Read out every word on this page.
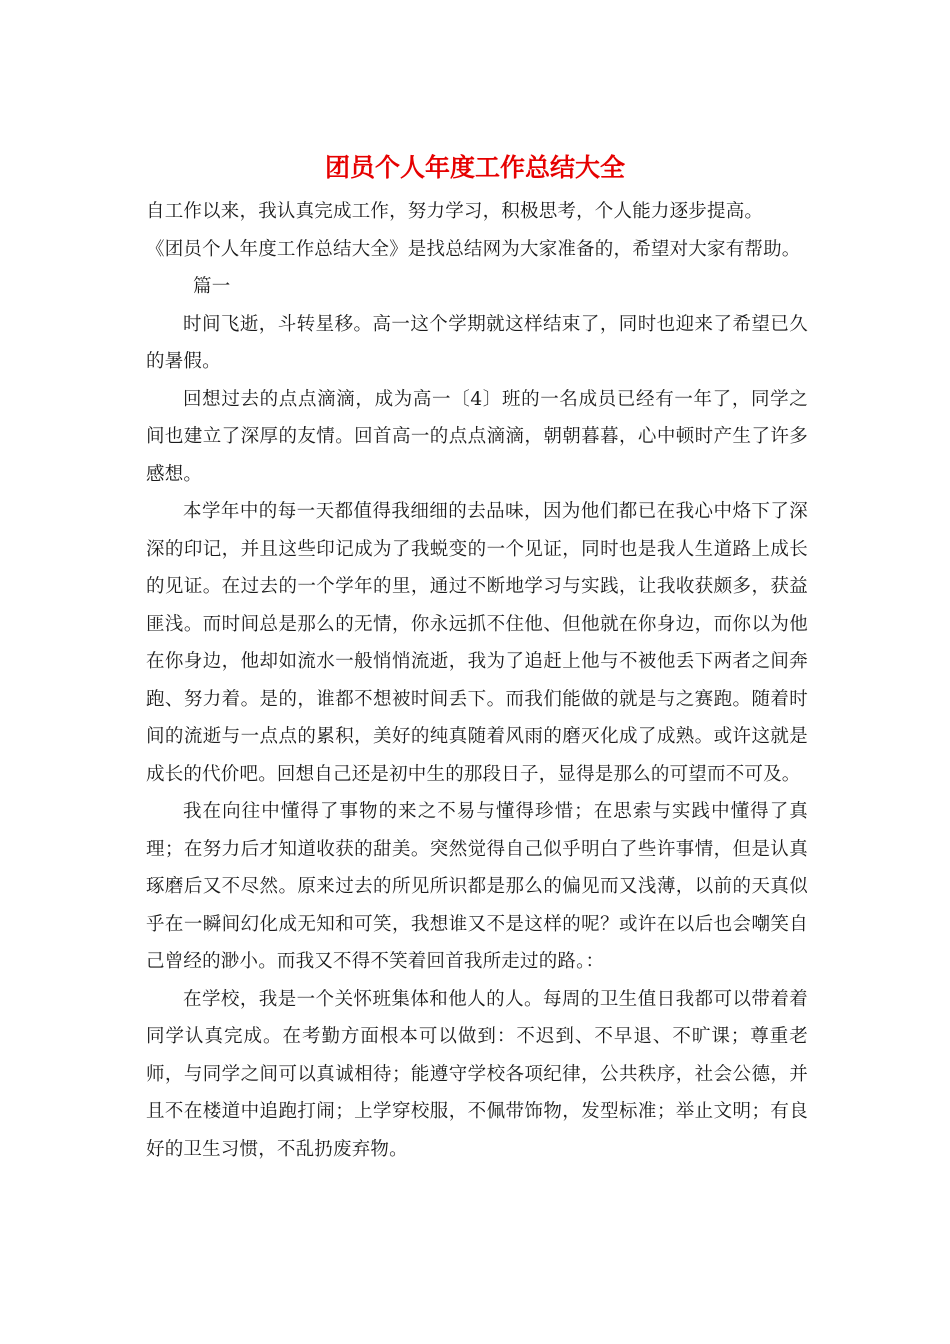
团员个人年度工作总结大全

自工作以来，我认真完成工作，努力学习，积极思考，个人能力逐步提高。

《团员个人年度工作总结大全》是找总结网为大家准备的，希望对大家有帮助。

篇一

时间飞逝，斗转星移。高一这个学期就这样结束了，同时也迎来了希望已久的暑假。

回想过去的点点滴滴，成为高一〔4〕班的一名成员已经有一年了，同学之间也建立了深厚的友情。回首高一的点点滴滴，朝朝暮暮，心中顿时产生了许多感想。

本学年中的每一天都值得我细细的去品味，因为他们都已在我心中烙下了深深的印记，并且这些印记成为了我蜕变的一个见证，同时也是我人生道路上成长的见证。在过去的一个学年的里，通过不断地学习与实践，让我收获颇多，获益匪浅。而时间总是那么的无情，你永远抓不住他、但他就在你身边，而你以为他在你身边，他却如流水一般悄悄流逝，我为了追赶上他与不被他丢下两者之间奔跑、努力着。是的，谁都不想被时间丢下。而我们能做的就是与之赛跑。随着时间的流逝与一点点的累积，美好的纯真随着风雨的磨灭化成了成熟。或许这就是成长的代价吧。回想自己还是初中生的那段日子，显得是那么的可望而不可及。

我在向往中懂得了事物的来之不易与懂得珍惜；在思索与实践中懂得了真理；在努力后才知道收获的甜美。突然觉得自己似乎明白了些许事情，但是认真琢磨后又不尽然。原来过去的所见所识都是那么的偏见而又浅薄，以前的天真似乎在一瞬间幻化成无知和可笑，我想谁又不是这样的呢？或许在以后也会嘲笑自己曾经的渺小。而我又不得不笑着回首我所走过的路。：

在学校，我是一个关怀班集体和他人的人。每周的卫生值日我都可以带着着同学认真完成。在考勤方面根本可以做到：不迟到、不早退、不旷课；尊重老师，与同学之间可以真诚相待；能遵守学校各项纪律，公共秩序，社会公德，并且不在楼道中追跑打闹；上学穿校服，不佩带饰物，发型标准；举止文明；有良好的卫生习惯，不乱扔废弃物。
